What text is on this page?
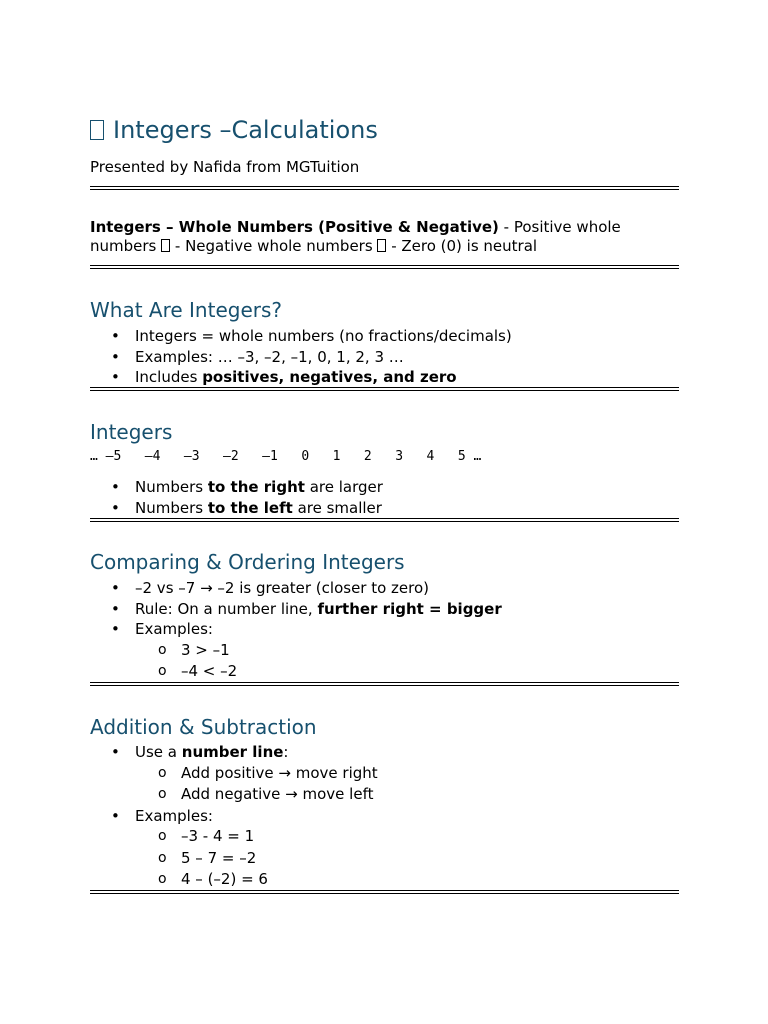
Integers –Calculations
Presented by Nafida from MGTuition
Integers – Whole Numbers (Positive & Negative) - Positive whole numbers  - Negative whole numbers  - Zero (0) is neutral
What Are Integers?
• Integers = whole numbers (no fractions/decimals)
• Examples: … –3, –2, –1, 0, 1, 2, 3 …
• Includes positives, negatives, and zero
Integers
… –5   –4   –3   –2   –1   0   1   2   3   4   5 …
• Numbers to the right are larger
• Numbers to the left are smaller
Comparing & Ordering Integers
• –2 vs –7 → –2 is greater (closer to zero)
• Rule: On a number line, further right = bigger
• Examples:
o 3 > –1
o –4 < –2
Addition & Subtraction
• Use a number line:
o Add positive → move right
o Add negative → move left
• Examples:
o –3 - 4 = 1
o 5 – 7 = –2
o 4 – (–2) = 6
